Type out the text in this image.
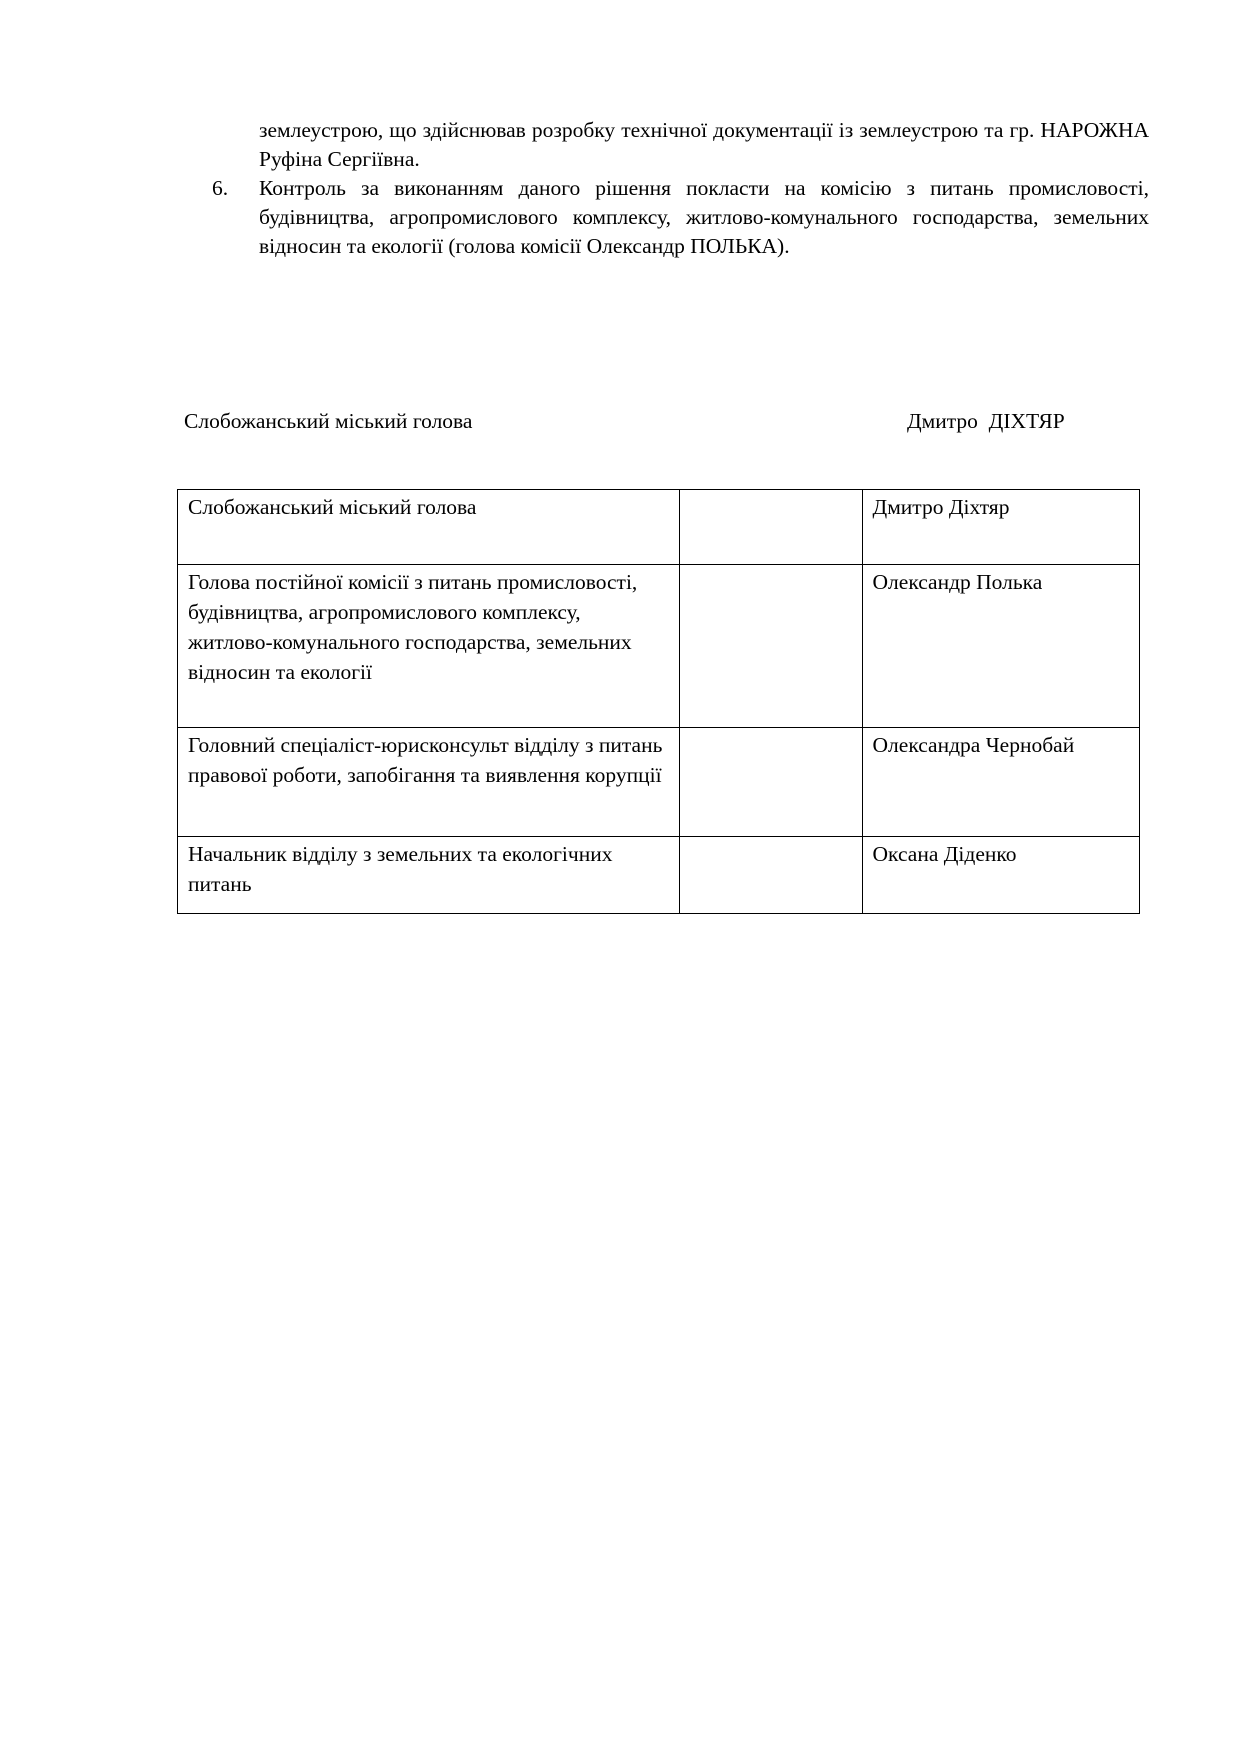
землеустрою, що здійснював розробку технічної документації із землеустрою та гр. НАРОЖНА Руфіна Сергіївна.
6. Контроль за виконанням даного рішення покласти на комісію з питань промисловості, будівництва, агропромислового комплексу, житлово-комунального господарства, земельних відносин та екології (голова комісії Олександр ПОЛЬКА).
Слобожанський міський голова	Дмитро  ДІХТЯР
Слобожанський міський голова		Дмитро Діхтяр
Голова постійної комісії з питань промисловості, будівництва, агропромислового комплексу, житлово-комунального господарства, земельних відносин та екології		Олександр Полька
Головний спеціаліст-юрисконсульт відділу з питань правової роботи, запобігання та виявлення корупції		Олександра Чернобай
Начальник відділу з земельних та екологічних питань		Оксана Діденко
